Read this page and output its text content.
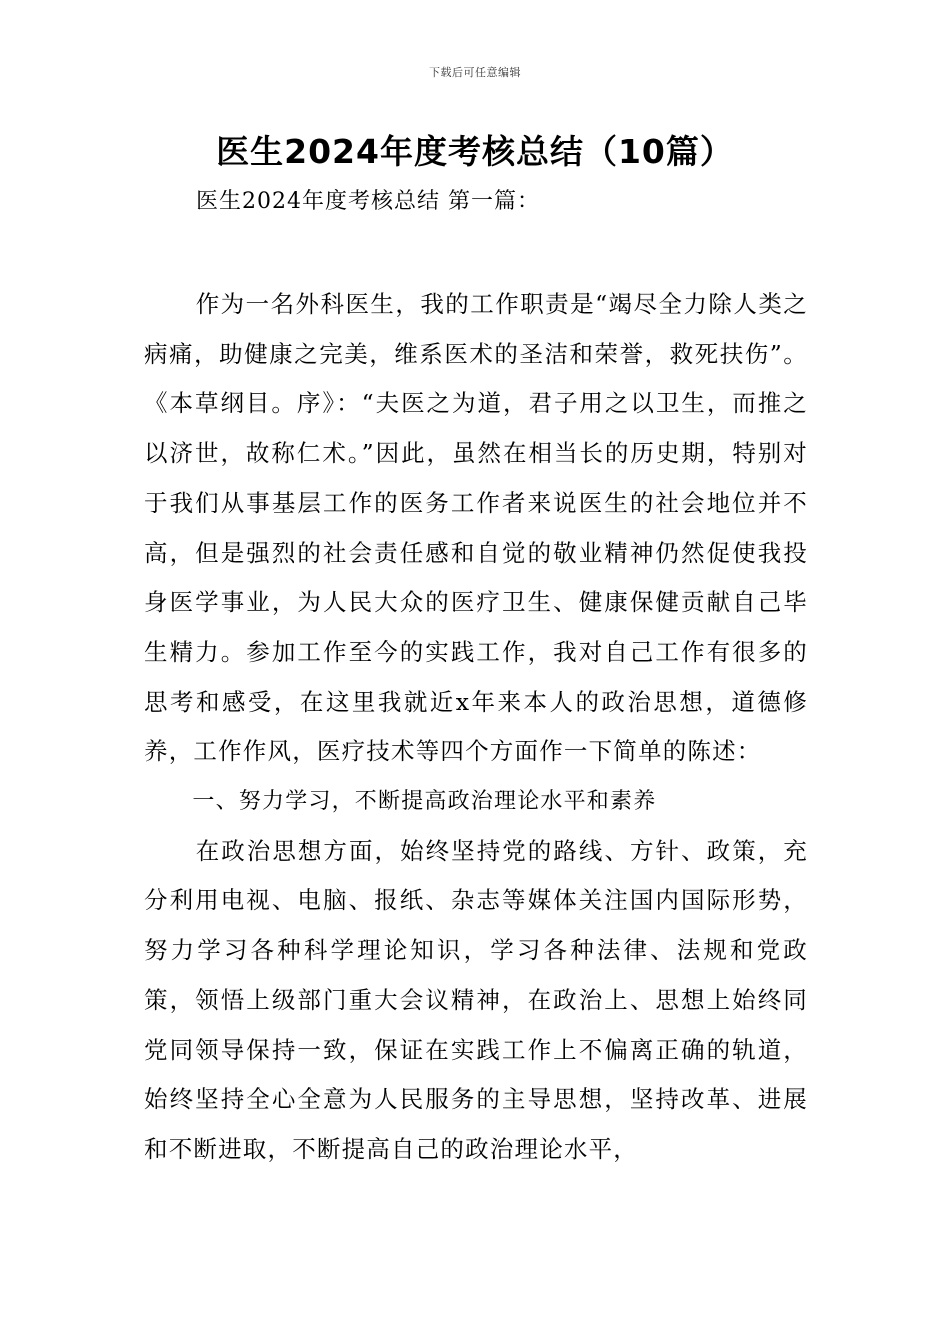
下载后可任意编辑
医生2024年度考核总结（10篇）
医生2024年度考核总结 第一篇：

作为一名外科医生，我的工作职责是“竭尽全力除人类之病痛，助健康之完美，维系医术的圣洁和荣誉，救死扶伤”。《本草纲目。序》：“夫医之为道，君子用之以卫生，而推之以济世，故称仁术。”因此，虽然在相当长的历史期，特别对于我们从事基层工作的医务工作者来说医生的社会地位并不高，但是强烈的社会责任感和自觉的敬业精神仍然促使我投身医学事业，为人民大众的医疗卫生、健康保健贡献自己毕生精力。参加工作至今的实践工作，我对自己工作有很多的思考和感受，在这里我就近x年来本人的政治思想，道德修养，工作作风，医疗技术等四个方面作一下简单的陈述：

一、努力学习，不断提高政治理论水平和素养

在政治思想方面，始终坚持党的路线、方针、政策，充分利用电视、电脑、报纸、杂志等媒体关注国内国际形势，努力学习各种科学理论知识，学习各种法律、法规和党政策，领悟上级部门重大会议精神，在政治上、思想上始终同党同领导保持一致，保证在实践工作上不偏离正确的轨道，始终坚持全心全意为人民服务的主导思想，坚持改革、进展和不断进取，不断提高自己的政治理论水平，
